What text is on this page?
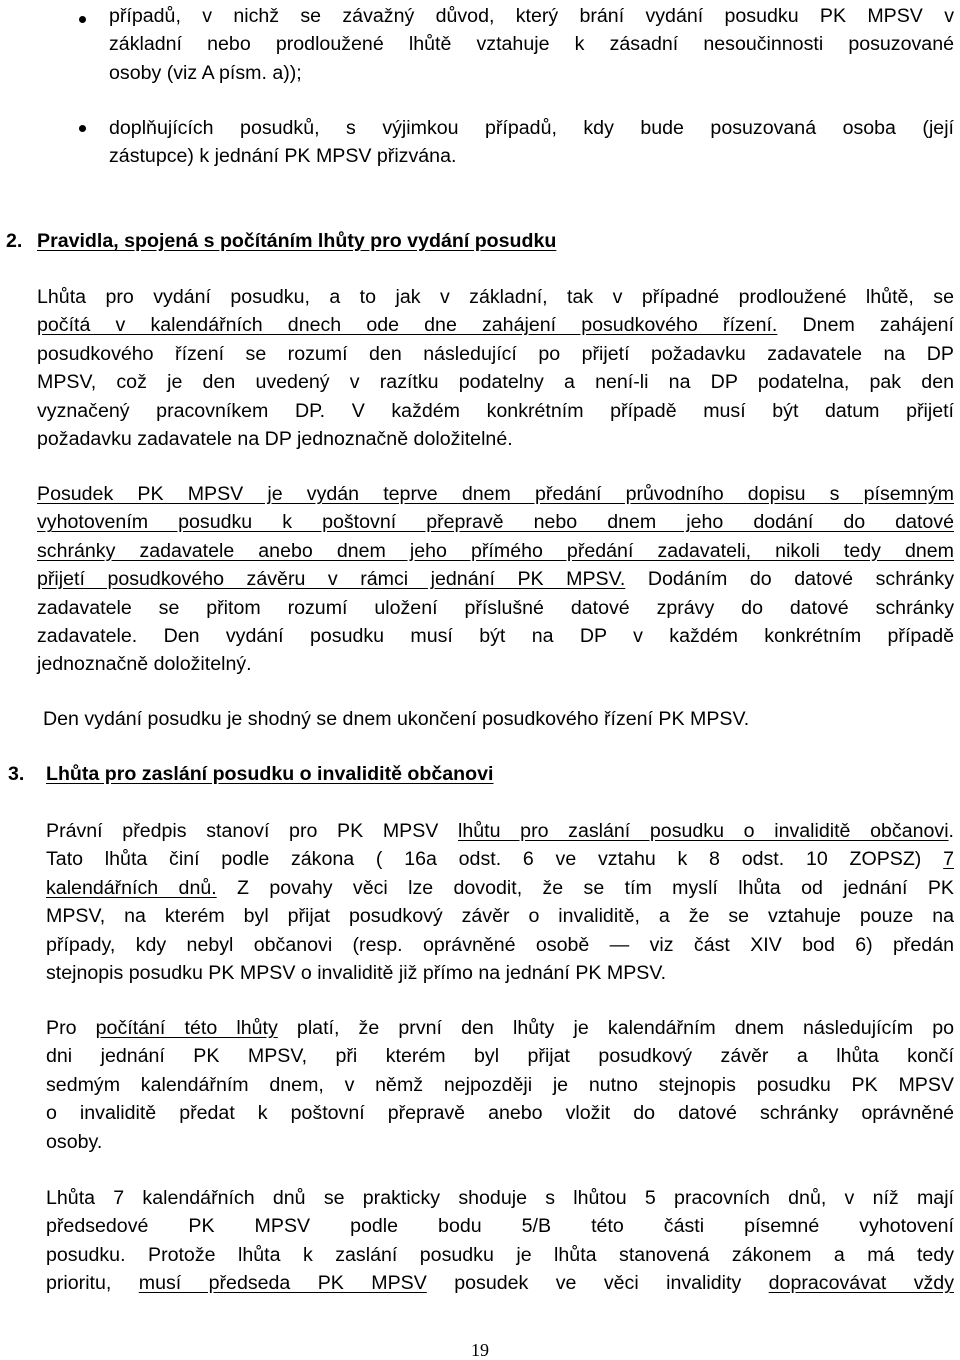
případů, v nichž se závažný důvod, který brání vydání posudku PK MPSV v
základní nebo prodloužené lhůtě vztahuje k zásadní nesoučinnosti posuzované
osoby (viz A písm. a));
doplňujících posudků, s výjimkou případů, kdy bude posuzovaná osoba (její
zástupce) k jednání PK MPSV přizvána.
2. Pravidla, spojená s počítáním lhůty pro vydání posudku
Lhůta pro vydání posudku, a to jak v základní, tak v případné prodloužené lhůtě, se
počítá v kalendářních dnech ode dne zahájení posudkového řízení. Dnem zahájení
posudkového řízení se rozumí den následující po přijetí požadavku zadavatele na DP
MPSV, což je den uvedený v razítku podatelny a není-li na DP podatelna, pak den
vyznačený pracovníkem DP. V každém konkrétním případě musí být datum přijetí
požadavku zadavatele na DP jednoznačně doložitelné.
Posudek PK MPSV je vydán teprve dnem předání průvodního dopisu s písemným
vyhotovením posudku k poštovní přepravě nebo dnem jeho dodání do datové
schránky zadavatele anebo dnem jeho přímého předání zadavateli, nikoli tedy dnem
přijetí posudkového závěru v rámci jednání PK MPSV. Dodáním do datové schránky
zadavatele se přitom rozumí uložení příslušné datové zprávy do datové schránky
zadavatele. Den vydání posudku musí být na DP v každém konkrétním případě
jednoznačně doložitelný.
Den vydání posudku je shodný se dnem ukončení posudkového řízení PK MPSV.
3. Lhůta pro zaslání posudku o invaliditě občanovi
Právní předpis stanoví pro PK MPSV lhůtu pro zaslání posudku o invaliditě občanovi.
Tato lhůta činí podle zákona ( 16a odst. 6 ve vztahu k 8 odst. 10 ZOPSZ) 7
kalendářních dnů. Z povahy věci lze dovodit, že se tím myslí lhůta od jednání PK
MPSV, na kterém byl přijat posudkový závěr o invaliditě, a že se vztahuje pouze na
případy, kdy nebyl občanovi (resp. oprávněné osobě — viz část XIV bod 6) předán
stejnopis posudku PK MPSV o invaliditě již přímo na jednání PK MPSV.
Pro počítání této lhůty platí, že první den lhůty je kalendářním dnem následujícím po
dni jednání PK MPSV, při kterém byl přijat posudkový závěr a lhůta končí
sedmým kalendářním dnem, v němž nejpozději je nutno stejnopis posudku PK MPSV
o invaliditě předat k poštovní přepravě anebo vložit do datové schránky oprávněné
osoby.
Lhůta 7 kalendářních dnů se prakticky shoduje s lhůtou 5 pracovních dnů, v níž mají
předsedové PK MPSV podle bodu 5/B této části písemné vyhotovení
posudku. Protože lhůta k zaslání posudku je lhůta stanovená zákonem a má tedy
prioritu, musí předseda PK MPSV posudek ve věci invalidity dopracovávat vždy
19
